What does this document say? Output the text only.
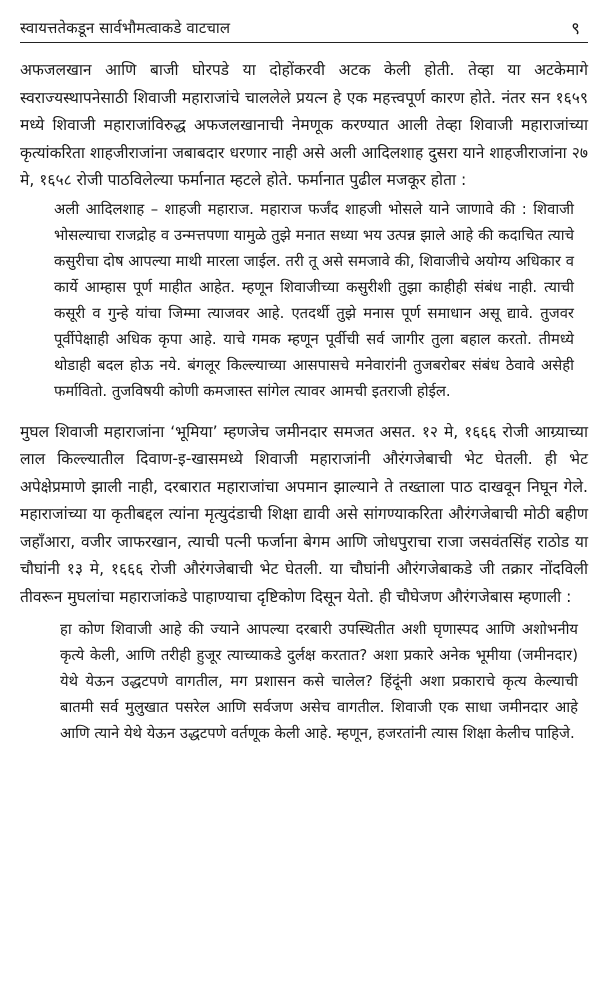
स्वायत्ततेकडून सार्वभौमत्वाकडे वाटचाल	९

अफजलखान आणि बाजी घोरपडे या दोहोंकरवी अटक केली होती. तेव्हा या अटकेमागे स्वराज्यस्थापनेसाठी शिवाजी महाराजांचे चाललेले प्रयत्न हे एक महत्त्वपूर्ण कारण होते. नंतर सन १६५९ मध्ये शिवाजी महाराजांविरुद्ध अफजलखानाची नेमणूक करण्यात आली तेव्हा शिवाजी महाराजांच्या कृत्यांकरिता शाहजीराजांना जबाबदार धरणार नाही असे अली आदिलशाह दुसरा याने शाहजीराजांना २७ मे, १६५८ रोजी पाठविलेल्या फर्मानात म्हटले होते. फर्मानात पुढील मजकूर होता :

अली आदिलशाह – शाहजी महाराज. महाराज फर्जंद शाहजी भोसले याने जाणावे की : शिवाजी भोसल्याचा राजद्रोह व उन्मत्तपणा यामुळे तुझे मनात सध्या भय उत्पन्न झाले आहे की कदाचित त्याचे कसुरीचा दोष आपल्या माथी मारला जाईल. तरी तू असे समजावे की, शिवाजीचे अयोग्य अधिकार व कार्ये आम्हास पूर्ण माहीत आहेत. म्हणून शिवाजीच्या कसुरीशी तुझा काहीही संबंध नाही. त्याची कसूरी व गुन्हे यांचा जिम्मा त्याजवर आहे. एतदर्थी तुझे मनास पूर्ण समाधान असू द्यावे. तुजवर पूर्वीपेक्षाही अधिक कृपा आहे. याचे गमक म्हणून पूर्वीची सर्व जागीर तुला बहाल करतो. तीमध्ये थोडाही बदल होऊ नये. बंगलूर किल्ल्याच्या आसपासचे मनेवारांनी तुजबरोबर संबंध ठेवावे असेही फर्मावितो. तुजविषयी कोणी कमजास्त सांगेल त्यावर आमची इतराजी होईल.

मुघल शिवाजी महाराजांना ‘भूमिया’ म्हणजेच जमीनदार समजत असत. १२ मे, १६६६ रोजी आग्र्याच्या लाल किल्ल्यातील दिवाण-इ-खासमध्ये शिवाजी महाराजांनी औरंगजेबाची भेट घेतली. ही भेट अपेक्षेप्रमाणे झाली नाही, दरबारात महाराजांचा अपमान झाल्याने ते तख्ताला पाठ दाखवून निघून गेले. महाराजांच्या या कृतीबद्दल त्यांना मृत्युदंडाची शिक्षा द्यावी असे सांगण्याकरिता औरंगजेबाची मोठी बहीण जहाँआरा, वजीर जाफरखान, त्याची पत्नी फर्जाना बेगम आणि जोधपुराचा राजा जसवंतसिंह राठोड या चौघांनी १३ मे, १६६६ रोजी औरंगजेबाची भेट घेतली. या चौघांनी औरंगजेबाकडे जी तक्रार नोंदविली तीवरून मुघलांचा महाराजांकडे पाहाण्याचा दृष्टिकोण दिसून येतो. ही चौघेजण औरंगजेबास म्हणाली :

हा कोण शिवाजी आहे की ज्याने आपल्या दरबारी उपस्थितीत अशी घृणास्पद आणि अशोभनीय कृत्ये केली, आणि तरीही हुजूर त्याच्याकडे दुर्लक्ष करतात? अशा प्रकारे अनेक भूमीया (जमीनदार) येथे येऊन उद्धटपणे वागतील, मग प्रशासन कसे चालेल? हिंदूंनी अशा प्रकाराचे कृत्य केल्याची बातमी सर्व मुलुखात पसरेल आणि सर्वजण असेच वागतील. शिवाजी एक साधा जमीनदार आहे आणि त्याने येथे येऊन उद्धटपणे वर्तणूक केली आहे. म्हणून, हजरतांनी त्यास शिक्षा केलीच पाहिजे.
